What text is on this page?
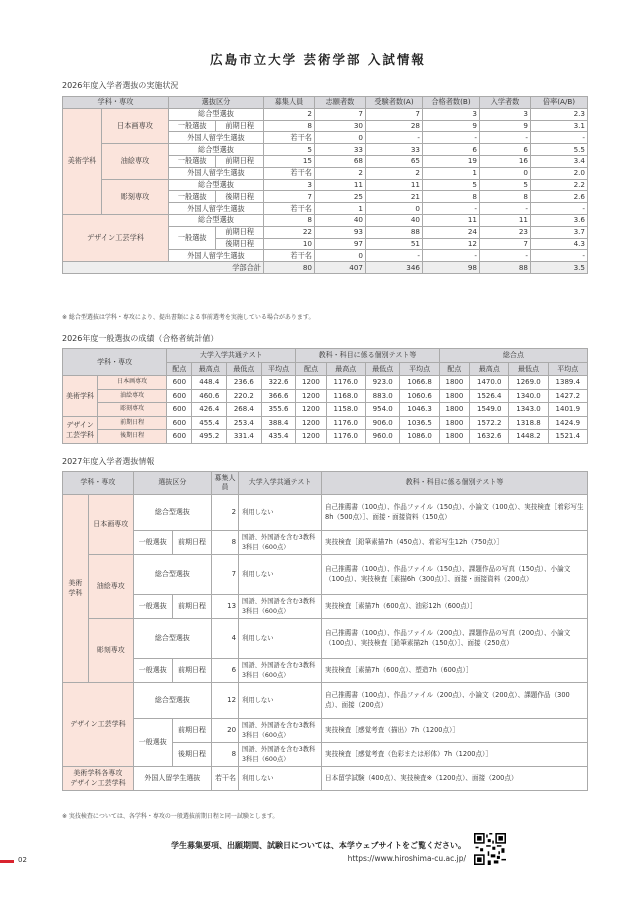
広島市立大学 芸術学部 入試情報
2026年度入学者選抜の実施状況
学科・専攻		選抜区分		募集人員	志願者数	受験者数(A)	合格者数(B)	入学者数	倍率(A/B)
美術学科	日本画専攻	総合型選抜		2	7	7	3	3	2.3
		一般選抜	前期日程	8	30	28	9	9	3.1
		外国人留学生選抜		若干名	0	-	-	-	-
	油絵専攻	総合型選抜		5	33	33	6	6	5.5
		一般選抜	前期日程	15	68	65	19	16	3.4
		外国人留学生選抜		若干名	2	2	1	0	2.0
	彫刻専攻	総合型選抜		3	11	11	5	5	2.2
		一般選抜	後期日程	7	25	21	8	8	2.6
		外国人留学生選抜		若干名	1	0	-	-	-
デザイン工芸学科		総合型選抜		8	40	40	11	11	3.6
		一般選抜	前期日程	22	93	88	24	23	3.7
			後期日程	10	97	51	12	7	4.3
		外国人留学生選抜		若干名	0	-	-	-	-
学部合計				80	407	346	98	88	3.5
※ 総合型選抜は学科・専攻により、提出書類による事前選考を実施している場合があります。
2026年度一般選抜の成績（合格者統計値）
学科・専攻		大学入学共通テスト				教科・科目に係る個別テスト等				総合点			
		配点	最高点	最低点	平均点	配点	最高点	最低点	平均点	配点	最高点	最低点	平均点
美術学科	日本画専攻	600	448.4	236.6	322.6	1200	1176.0	923.0	1066.8	1800	1470.0	1269.0	1389.4
	油絵専攻	600	460.6	220.2	366.6	1200	1168.0	883.0	1060.6	1800	1526.4	1340.0	1427.2
	彫刻専攻	600	426.4	268.4	355.6	1200	1158.0	954.0	1046.3	1800	1549.0	1343.0	1401.9
デザイン工芸学科	前期日程	600	455.4	253.4	388.4	1200	1176.0	906.0	1036.5	1800	1572.2	1318.8	1424.9
	後期日程	600	495.2	331.4	435.4	1200	1176.0	960.0	1086.0	1800	1632.6	1448.2	1521.4
2027年度入学者選抜情報
学科・専攻		選抜区分		募集人員	大学入学共通テスト	教科・科目に係る個別テスト等
美術学科	日本画専攻	総合型選抜		2	利用しない	自己推薦書（100点）、作品ファイル（150点）、小論文（100点）、実技検査［着彩写生8h（500点）］、面接・面接資料（150点）
		一般選抜	前期日程	8	国語、外国語を含む3教科3科目（600点）	実技検査［鉛筆素描7h（450点）、着彩写生12h（750点）］
	油絵専攻	総合型選抜		7	利用しない	自己推薦書（100点）、作品ファイル（150点）、課題作品の写真（150点）、小論文（100点）、実技検査［素描6h（300点）］、面接・面接資料（200点）
		一般選抜	前期日程	13	国語、外国語を含む3教科3科目（600点）	実技検査［素描7h（600点）、油彩12h（600点）］
	彫刻専攻	総合型選抜		4	利用しない	自己推薦書（100点）、作品ファイル（200点）、課題作品の写真（200点）、小論文（100点）、実技検査［鉛筆素描2h（150点）］、面接（250点）
		一般選抜	前期日程	6	国語、外国語を含む3教科3科目（600点）	実技検査［素描7h（600点）、塑造7h（600点）］
デザイン工芸学科		総合型選抜		12	利用しない	自己推薦書（100点）、作品ファイル（200点）、小論文（200点）、課題作品（300点）、面接（200点）
		一般選抜	前期日程	20	国語、外国語を含む3教科3科目（600点）	実技検査［感覚考査（描出）7h（1200点）］
			後期日程	8	国語、外国語を含む3教科3科目（600点）	実技検査［感覚考査（色彩または形体）7h（1200点）］
美術学科各専攻
デザイン工芸学科		外国人留学生選抜		若干名	利用しない	日本留学試験（400点）、実技検査※（1200点）、面接（200点）
※ 実技検査については、各学科・専攻の一般選抜前期日程と同一試験とします。
学生募集要項、出願期間、試験日については、本学ウェブサイトをご覧ください。
https://www.hiroshima-cu.ac.jp/
02
